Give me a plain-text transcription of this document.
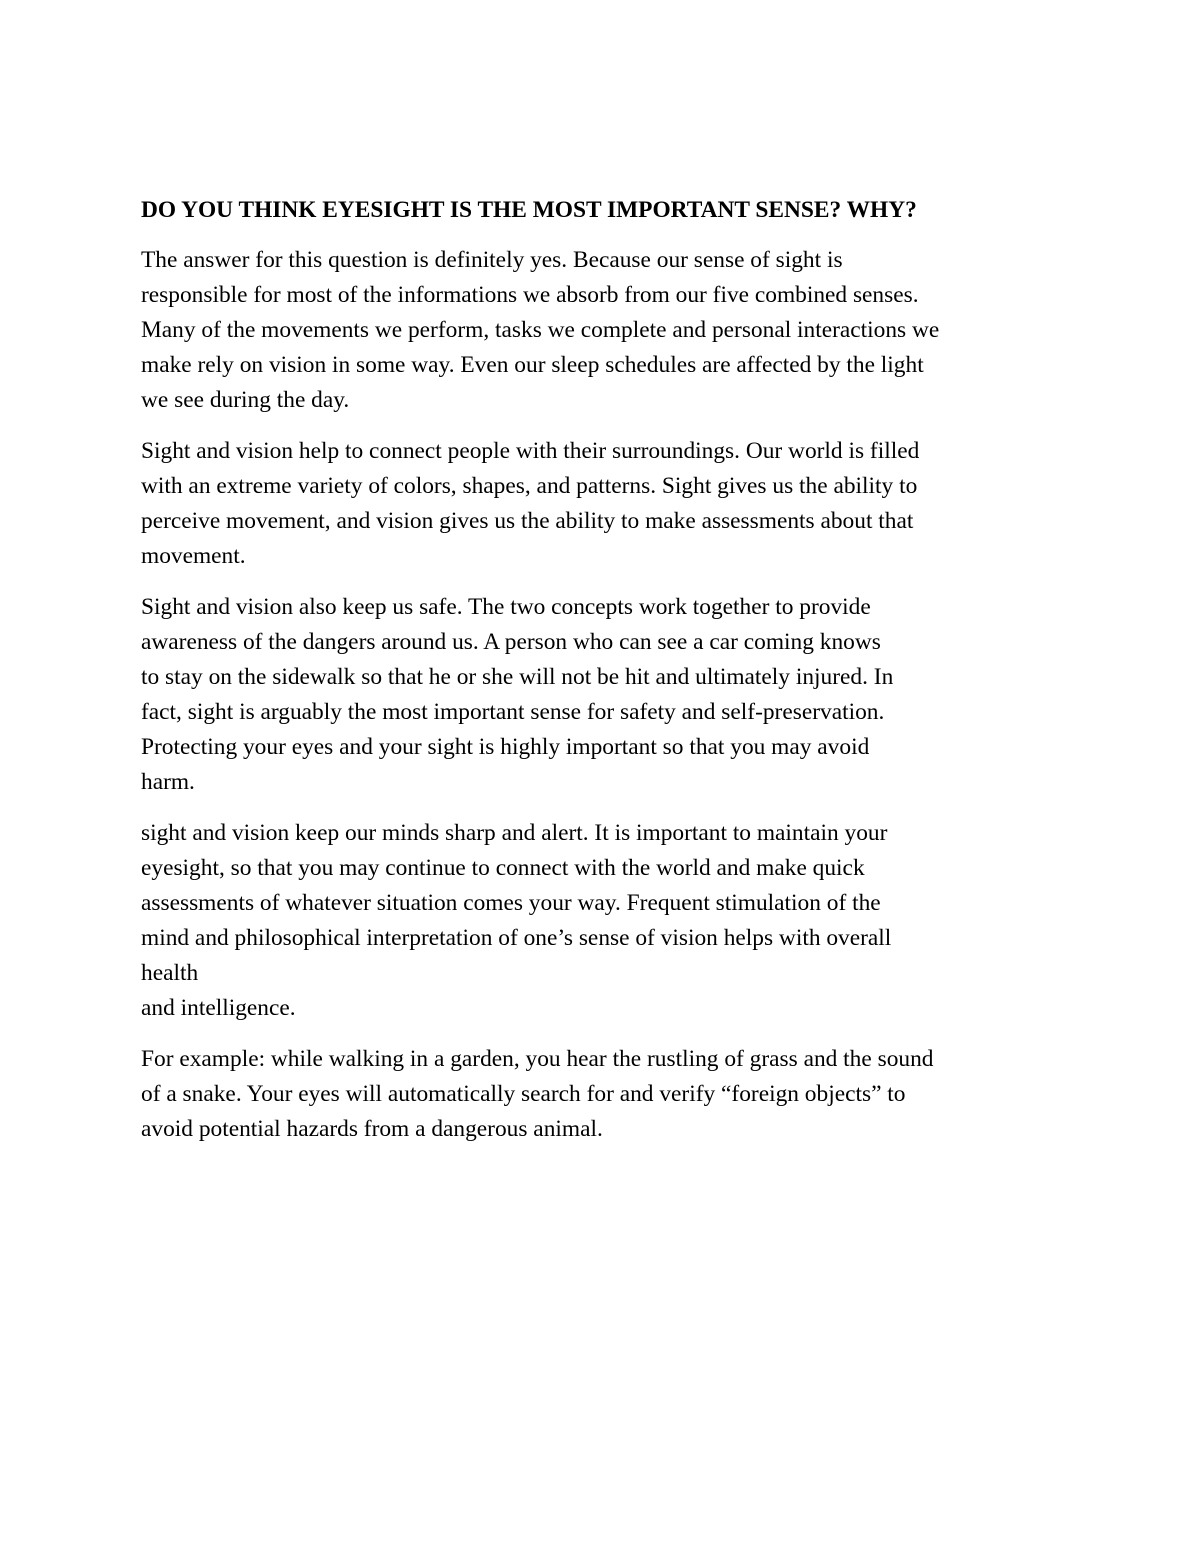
DO YOU THINK EYESIGHT IS THE MOST IMPORTANT SENSE? WHY?
The answer for this question is definitely yes. Because our sense of sight is
responsible for most of the informations we absorb from our five combined senses.
Many of the movements we perform, tasks we complete and personal interactions we
make rely on vision in some way. Even our sleep schedules are affected by the light
we see during the day.
Sight and vision help to connect people with their surroundings. Our world is filled
with an extreme variety of colors, shapes, and patterns. Sight gives us the ability to
perceive movement, and vision gives us the ability to make assessments about that
movement.
Sight and vision also keep us safe. The two concepts work together to provide
awareness of the dangers around us. A person who can see a car coming knows
to stay on the sidewalk so that he or she will not be hit and ultimately injured. In
fact, sight is arguably the most important sense for safety and self-preservation.
Protecting your eyes and your sight is highly important so that you may avoid
harm.
sight and vision keep our minds sharp and alert. It is important to maintain your
eyesight, so that you may continue to connect with the world and make quick
assessments of whatever situation comes your way. Frequent stimulation of the
mind and philosophical interpretation of one’s sense of vision helps with overall
health
and intelligence.
For example: while walking in a garden, you hear the rustling of grass and the sound
of a snake. Your eyes will automatically search for and verify “foreign objects” to
avoid potential hazards from a dangerous animal.
